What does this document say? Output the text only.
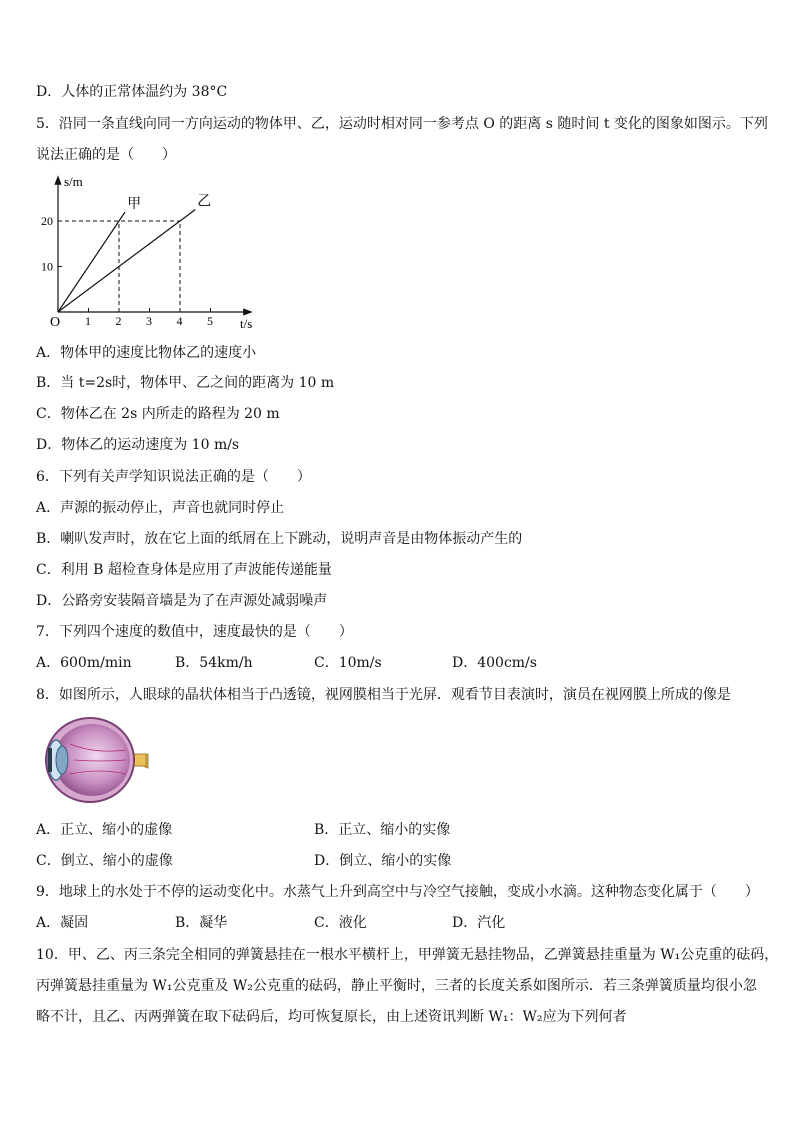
D．人体的正常体温约为 38°C
5．沿同一条直线向同一方向运动的物体甲、乙，运动时相对同一参考点 O 的距离 s 随时间 t 变化的图象如图示。下列
说法正确的是（　　）
s/m
t/s
O 1 2 3 4 5
10
20
甲	乙
A．物体甲的速度比物体乙的速度小
B．当 t=2s时，物体甲、乙之间的距离为 10 m
C．物体乙在 2s 内所走的路程为 20 m
D．物体乙的运动速度为 10 m/s
6．下列有关声学知识说法正确的是（　　）
A．声源的振动停止，声音也就同时停止
B．喇叭发声时，放在它上面的纸屑在上下跳动，说明声音是由物体振动产生的
C．利用 B 超检查身体是应用了声波能传递能量
D．公路旁安装隔音墙是为了在声源处减弱噪声
7．下列四个速度的数值中，速度最快的是（　　）
A．600m/min	B．54km/h	C．10m/s	D．400cm/s
8．如图所示，人眼球的晶状体相当于凸透镜，视网膜相当于光屏．观看节目表演时，演员在视网膜上所成的像是
A．正立、缩小的虚像	B．正立、缩小的实像
C．倒立、缩小的虚像	D．倒立、缩小的实像
9．地球上的水处于不停的运动变化中。水蒸气上升到高空中与冷空气接触，变成小水滴。这种物态变化属于（　　）
A．凝固	B．凝华	C．液化	D．汽化
10．甲、乙、丙三条完全相同的弹簧悬挂在一根水平横杆上，甲弹簧无悬挂物品，乙弹簧悬挂重量为 W₁公克重的砝码，
丙弹簧悬挂重量为 W₁公克重及 W₂公克重的砝码，静止平衡时，三者的长度关系如图所示．若三条弹簧质量均很小忽
略不计，且乙、丙两弹簧在取下砝码后，均可恢复原长，由上述资讯判断 W₁：W₂应为下列何者
